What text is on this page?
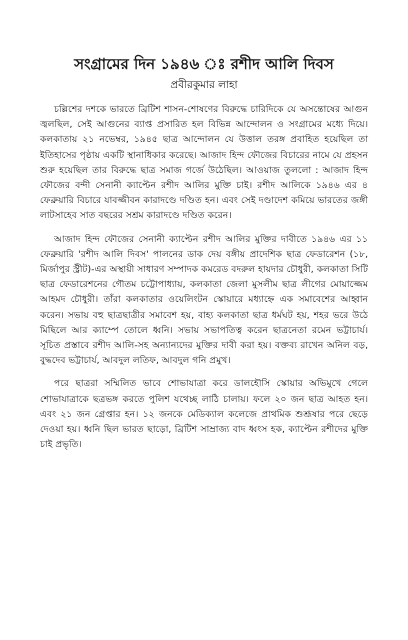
সংগ্রামের দিন ১৯৪৬ ঃ রশীদ আলি দিবস
প্রবীরকুমার লাহা

চল্লিশের দশকে ভারতে ব্রিটিশ শাসন-শোষণের বিরুদ্ধে চারিদিকে যে অসন্তোষের আগুন জ্বলছিল, সেই আগুনের ব্যাপ্ত প্রসারিত হল বিভিন্ন আন্দোলন ও সংগ্রামের মধ্যে দিয়ে। কলকাতায় ২১ নভেম্বর, ১৯৪৫ ছাত্র আন্দোলন যে উত্তাল তরঙ্গ প্রবাহিত হয়েছিল তা ইতিহাসের পৃষ্ঠায় একটি স্থানাধিকার করেছে। আজাদ হিন্দ ফৌজের বিচারের নামে যে প্রহসন শুরু হয়েছিল তার বিরুদ্ধে ছাত্র সমাজ গর্জে উঠেছিল। আওয়াজ তুললো : আজাদ হিন্দ ফৌজের বন্দী সেনানী ক্যাপ্টেন রশীদ আলির মুক্তি চাই। রশীদ আলিকে ১৯৪৬ এর ৪ ফেব্রুয়ারি বিচারে যাবজ্জীবন কারাদণ্ডে দণ্ডিত হন। এবং সেই দণ্ডাদেশ কমিয়ে ভারতের জঙ্গী লাটসাহেব সাত বছরের সশ্রম কারাদণ্ডে দণ্ডিত করেন।

আজাদ হিন্দ ফৌজের সেনানী ক্যাপ্টেন রশীদ আলির মুক্তির দাবীতে ১৯৪৬ এর ১১ ফেব্রুয়ারি 'রশীদ আলি দিবস' পালনের ডাক দেয় বঙ্গীয় প্রাদেশিক ছাত্র ফেডারেশন (১৮, মির্জাপুর স্ট্রীট)-এর অস্থায়ী সাধারণ সম্পাদক কমরেড বদরুল হায়দার চৌধুরী, কলকাতা সিটি ছাত্র ফেডারেশনের গৌতম চট্টোপাধ্যায়, কলকাতা জেলা মুসলীম ছাত্র লীগের মোয়াজ্জেম আহমদ চৌধুরী। তাঁরা কলকাতার ওয়েলিংটন স্কোয়ারে মধ্যাহ্নে এক সমাবেশের আহ্বান করেন। সভায় বহু ছাত্রছাত্রীর সমাবেশ হয়, বাহ্য কলকাতা ছাত্র ধর্মঘট হয়, শহর ভরে উঠে মিছিলে আর ক্যাম্পে তোলে ধ্বনি। সভায় সভাপতিত্ব করেন ছাত্রনেতা রমেন ভট্টাচার্য। সূচিত প্রস্তাবে রশীদ আলি-সহ অন্যান্যদের মুক্তির দাবী করা হয়। বক্তব্য রাখেন অনিল বড়, বুদ্ধদেব ভট্টাচার্য, আবদুল লতিফ, আবদুল গনি প্রমুখ।

পরে ছাত্ররা সম্মিলিত ভাবে শোভাযাত্রা করে ডালহৌসি স্কোয়ার অভিমুখে গেলে শোভাযাত্রাকে ছত্রভঙ্গ করতে পুলিশ যথেচ্ছ লাঠি চালায়। ফলে ২০ জন ছাত্র আহত হন। এবং ২১ জন গ্রেপ্তার হন। ১২ জনকে মেডিক্যাল কলেজে প্রাথমিক শুশ্রূষার পরে ছেড়ে দেওয়া হয়। ধ্বনি ছিল ভারত ছাড়ো, ব্রিটিশ সাম্রাজ্য বাদ ধ্বংস হক, ক্যাপ্টেন রশীদের মুক্তি চাই প্রভৃতি।
